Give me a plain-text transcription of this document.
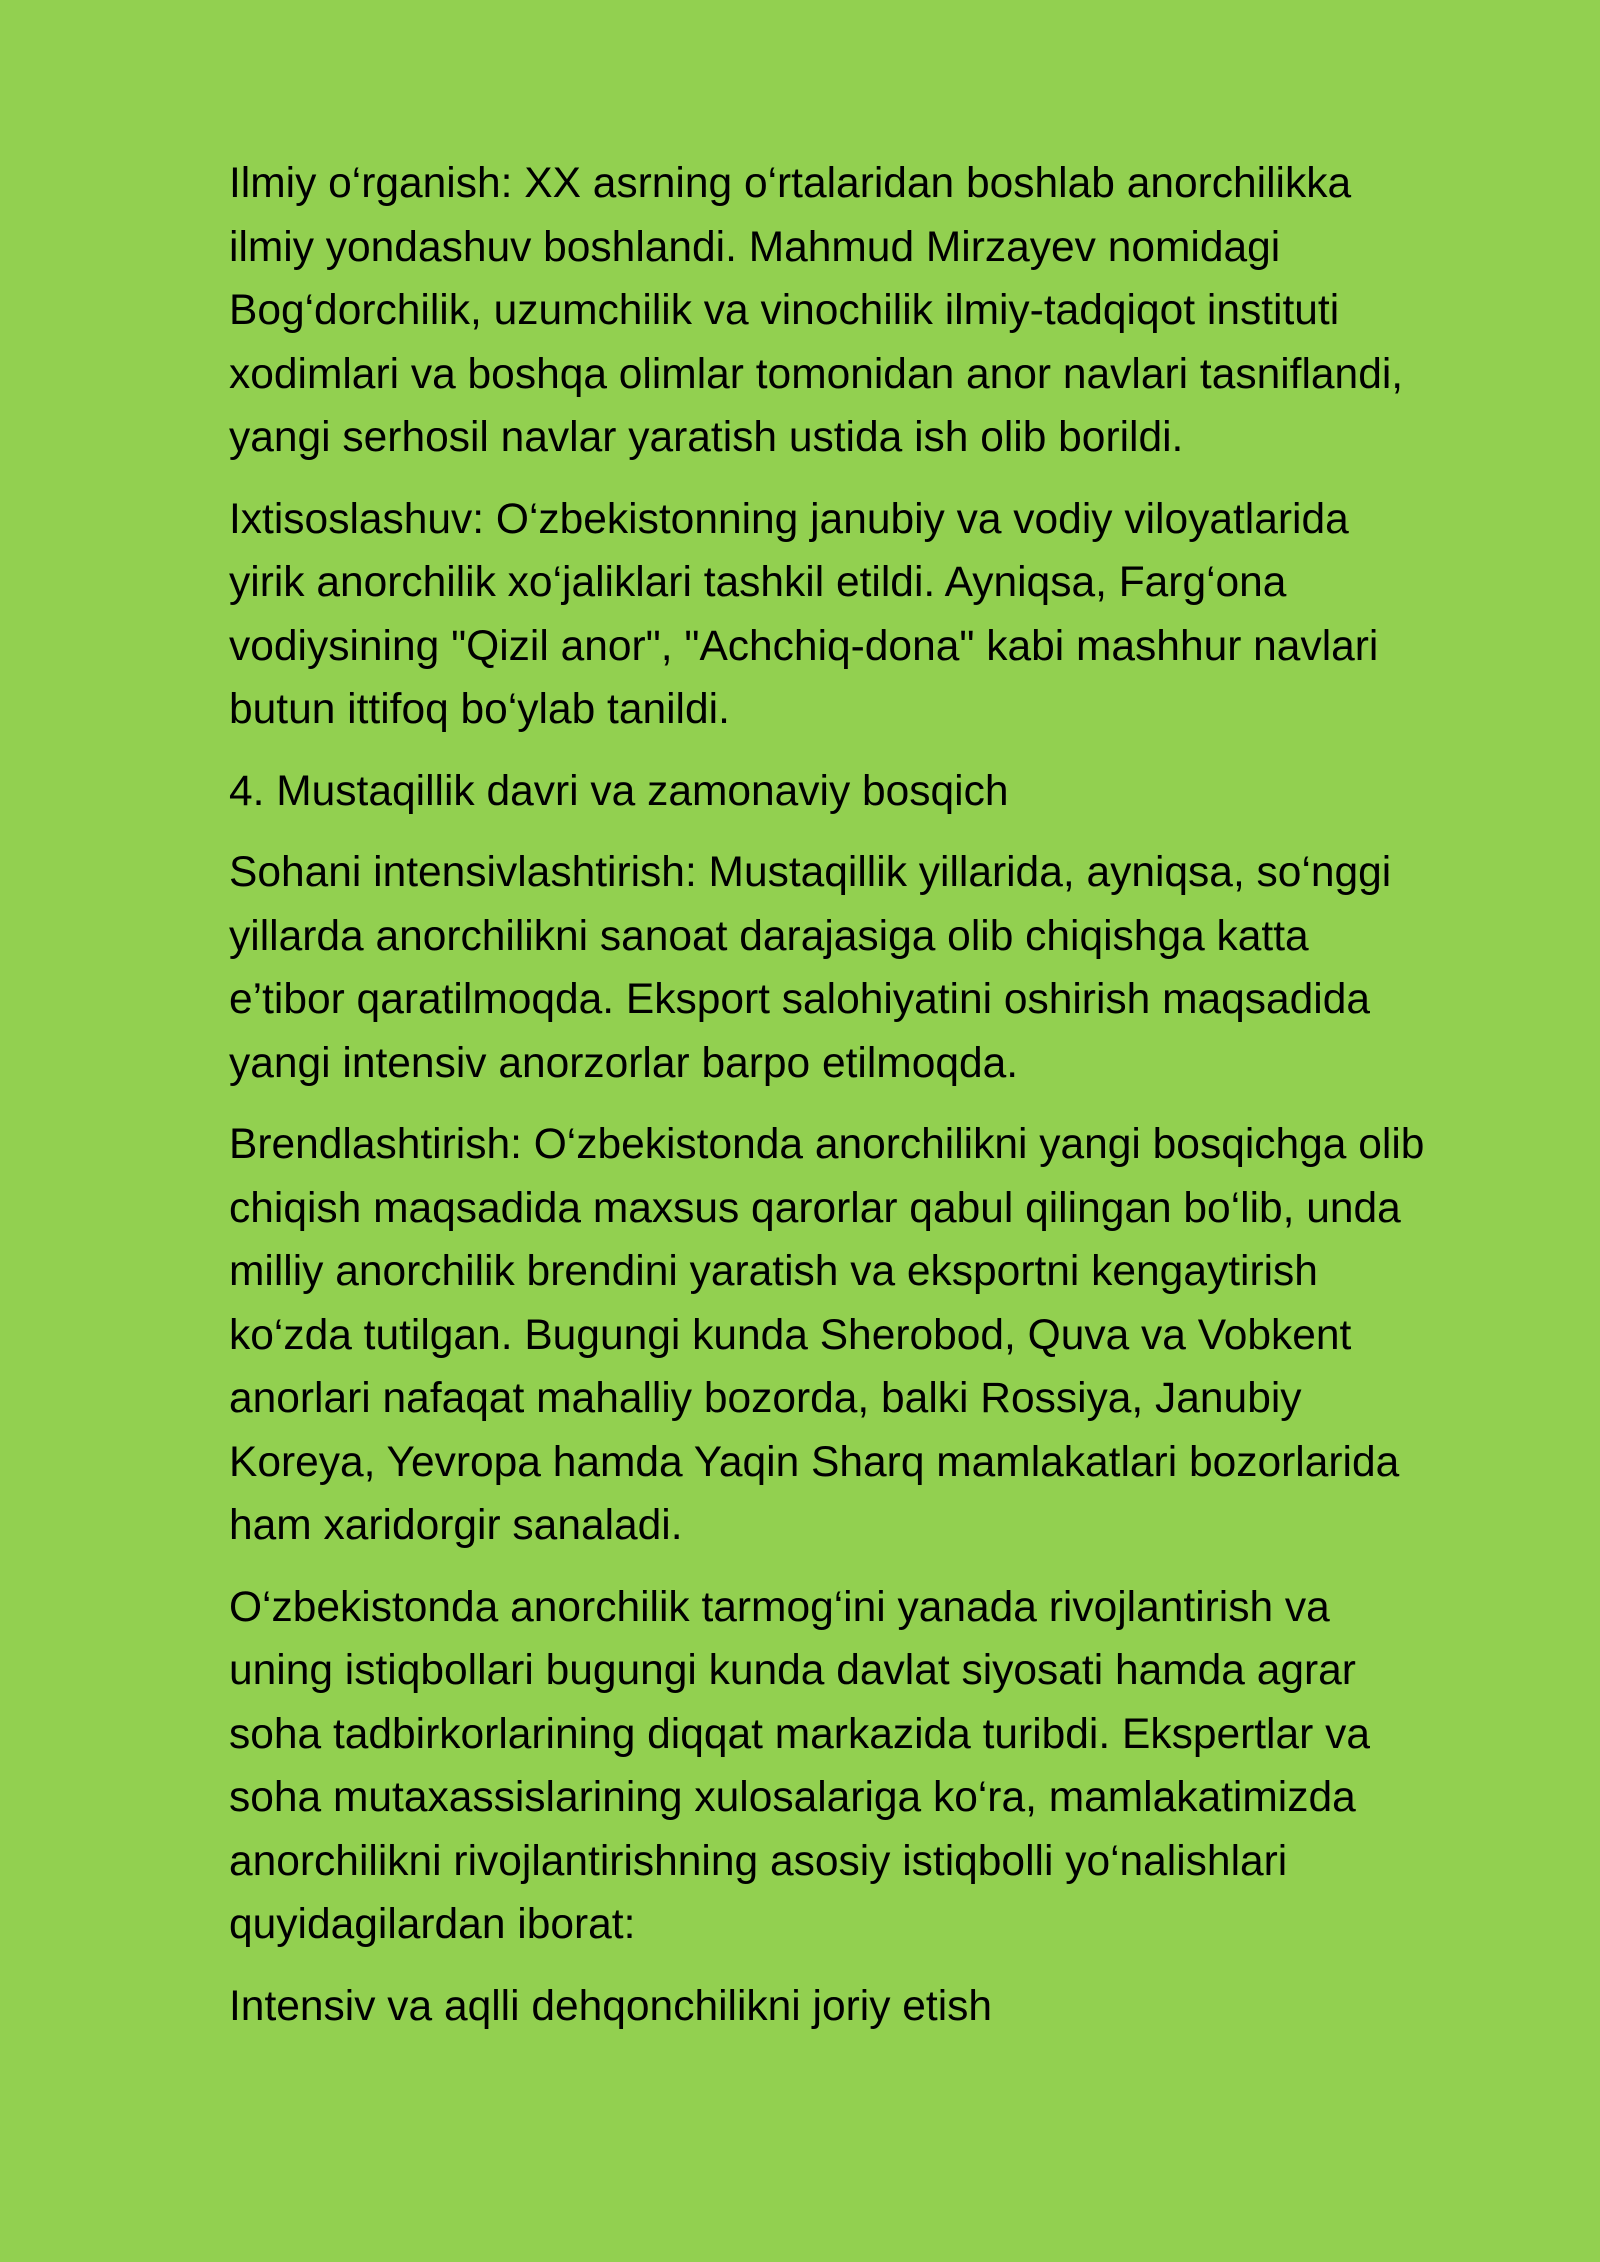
Ilmiy o‘rganish: XX asrning o‘rtalaridan boshlab anorchilikka
ilmiy yondashuv boshlandi. Mahmud Mirzayev nomidagi
Bog‘dorchilik, uzumchilik va vinochilik ilmiy-tadqiqot instituti
xodimlari va boshqa olimlar tomonidan anor navlari tasniflandi,
yangi serhosil navlar yaratish ustida ish olib borildi.

Ixtisoslashuv: O‘zbekistonning janubiy va vodiy viloyatlarida
yirik anorchilik xo‘jaliklari tashkil etildi. Ayniqsa, Farg‘ona
vodiysining "Qizil anor", "Achchiq-dona" kabi mashhur navlari
butun ittifoq bo‘ylab tanildi.

4. Mustaqillik davri va zamonaviy bosqich

Sohani intensivlashtirish: Mustaqillik yillarida, ayniqsa, so‘nggi
yillarda anorchilikni sanoat darajasiga olib chiqishga katta
e’tibor qaratilmoqda. Eksport salohiyatini oshirish maqsadida
yangi intensiv anorzorlar barpo etilmoqda.

Brendlashtirish: O‘zbekistonda anorchilikni yangi bosqichga olib
chiqish maqsadida maxsus qarorlar qabul qilingan bo‘lib, unda
milliy anorchilik brendini yaratish va eksportni kengaytirish
ko‘zda tutilgan. Bugungi kunda Sherobod, Quva va Vobkent
anorlari nafaqat mahalliy bozorda, balki Rossiya, Janubiy
Koreya, Yevropa hamda Yaqin Sharq mamlakatlari bozorlarida
ham xaridorgir sanaladi.

O‘zbekistonda anorchilik tarmog‘ini yanada rivojlantirish va
uning istiqbollari bugungi kunda davlat siyosati hamda agrar
soha tadbirkorlarining diqqat markazida turibdi. Ekspertlar va
soha mutaxassislarining xulosalariga ko‘ra, mamlakatimizda
anorchilikni rivojlantirishning asosiy istiqbolli yo‘nalishlari
quyidagilardan iborat:

Intensiv va aqlli dehqonchilikni joriy etish
